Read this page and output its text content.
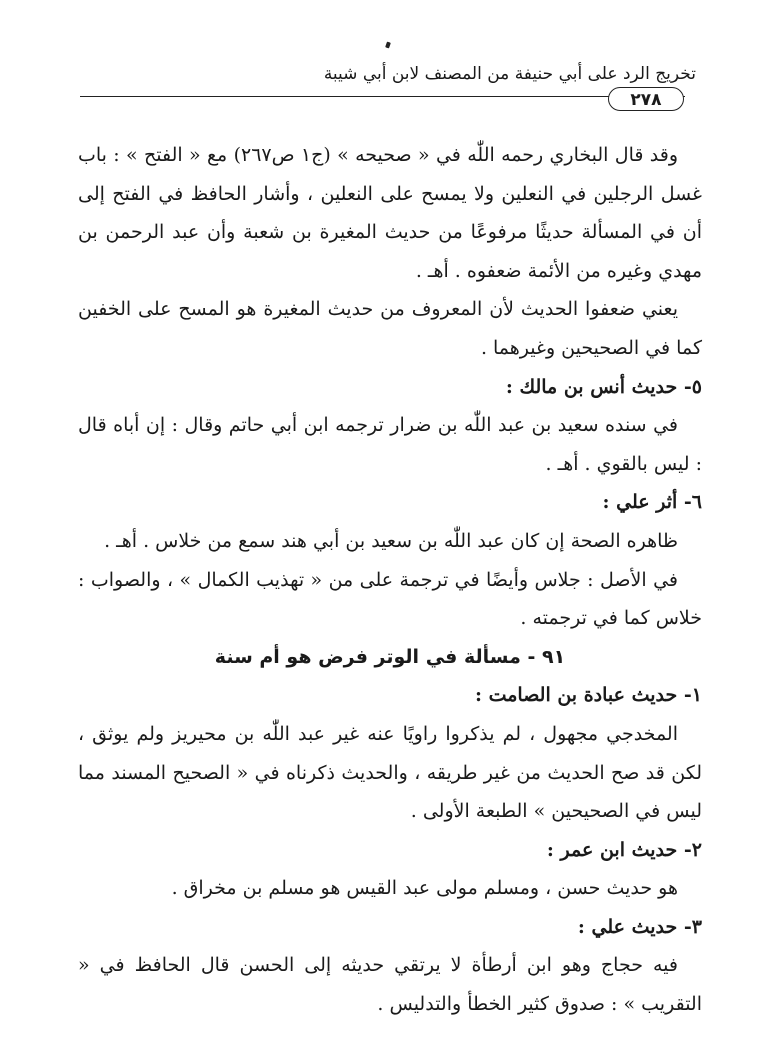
تخريج الرد على أبي حنيفة من المصنف لابن أبي شيبة
٢٧٨

وقد قال البخاري رحمه اللّٰه في « صحيحه » (ج١ ص٢٦٧) مع « الفتح » : باب غسل الرجلين في النعلين ولا يمسح على النعلين ، وأشار الحافظ في الفتح إلى أن في المسألة حديثًا مرفوعًا من حديث المغيرة بن شعبة وأن عبد الرحمن بن مهدي وغيره من الأئمة ضعفوه . أهـ .

يعني ضعفوا الحديث لأن المعروف من حديث المغيرة هو المسح على الخفين كما في الصحيحين وغيرهما .

٥- حديث أنس بن مالك :

في سنده سعيد بن عبد اللّٰه بن ضرار ترجمه ابن أبي حاتم وقال : إن أباه قال : ليس بالقوي . أهـ .

٦- أثر علي :

ظاهره الصحة إن كان عبد اللّٰه بن سعيد بن أبي هند سمع من خلاس . أهـ .

في الأصل : جلاس وأيضًا في ترجمة على من « تهذيب الكمال » ، والصواب : خلاس كما في ترجمته .

٩١ - مسألة في الوتر فرض هو أم سنة

١- حديث عبادة بن الصامت :

المخدجي مجهول ، لم يذكروا راويًا عنه غير عبد اللّٰه بن محيريز ولم يوثق ، لكن قد صح الحديث من غير طريقه ، والحديث ذكرناه في « الصحيح المسند مما ليس في الصحيحين » الطبعة الأولى .

٢- حديث ابن عمر :

هو حديث حسن ، ومسلم مولى عبد القيس هو مسلم بن مخراق .

٣- حديث علي :

فيه حجاج وهو ابن أرطأة لا يرتقي حديثه إلى الحسن قال الحافظ في « التقريب » : صدوق كثير الخطأ والتدليس .
